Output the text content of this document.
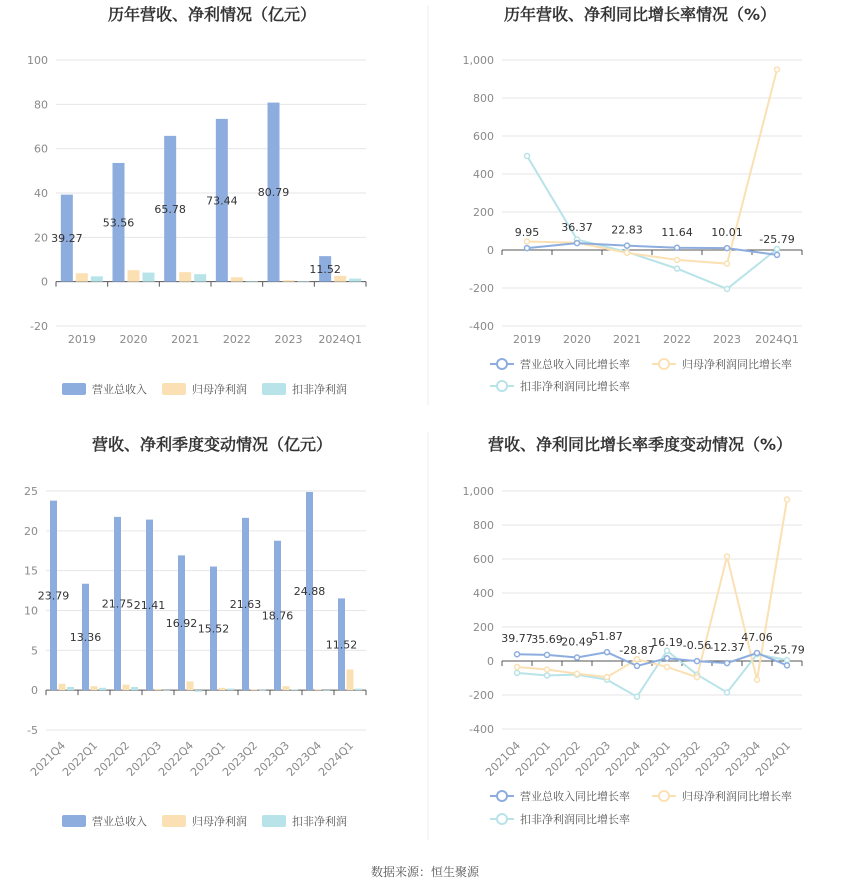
数据来源：恒生聚源
历年营收、净利情况（亿元）
-20
20
40
60
80
100
0
2019 2020 2021 2022 2023 2024Q1
39.27
53.56
65.78
73.44
80.79
11.52
营业总收入	归母净利润	扣非净利润
历年营收、净利同比增长率情况（%）
-400
-200
200
400
600
800
1,000
0
2019 2020 2021 2022 2023 2024Q1
9.95 36.37 22.83 11.64 10.01
-25.79
营业总收入同比增长率	归母净利润同比增长率
扣非净利润同比增长率
营收、净利季度变动情况（亿元）
-5
5
10
15
20
25
0
2021Q4
2022Q1
2022Q2
2022Q3
2022Q4
2023Q1
2023Q2
2023Q3
2023Q4
2024Q1
23.79
13.36
21.75 21.41
16.92 15.52
21.63
18.76
24.88
11.52
营业总收入	归母净利润	扣非净利润
营收、净利同比增长率季度变动情况（%）
-400
-200
200
400
600
800
1,000
0
2021Q4
2022Q1
2022Q2
2022Q3
2022Q4
2023Q1
2023Q2
2023Q3
2023Q4
2024Q1
39.77
35.69
20.49
51.87
-28.87
16.19 -0.56
-12.37
47.06
-25.79
营业总收入同比增长率	归母净利润同比增长率
扣非净利润同比增长率
